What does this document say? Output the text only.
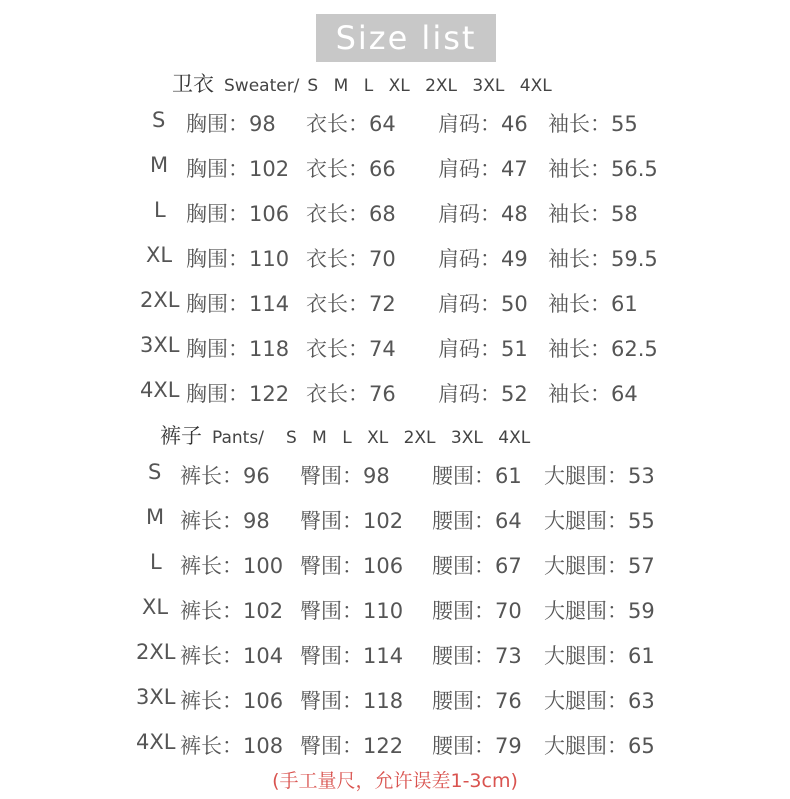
Size list
卫衣 Sweater/ S M L XL 2XL 3XL 4XL
S 胸围：98 衣长：64 肩码：46 袖长：55
M 胸围：102 衣长：66 肩码：47 袖长：56.5
L 胸围：106 衣长：68 肩码：48 袖长：58
XL 胸围：110 衣长：70 肩码：49 袖长：59.5
2XL 胸围：114 衣长：72 肩码：50 袖长：61
3XL 胸围：118 衣长：74 肩码：51 袖长：62.5
4XL 胸围：122 衣长：76 肩码：52 袖长：64
裤子 Pants/ S M L XL 2XL 3XL 4XL
S 裤长：96 臀围：98 腰围：61 大腿围：53
M 裤长：98 臀围：102 腰围：64 大腿围：55
L 裤长：100 臀围：106 腰围：67 大腿围：57
XL 裤长：102 臀围：110 腰围：70 大腿围：59
2XL 裤长：104 臀围：114 腰围：73 大腿围：61
3XL 裤长：106 臀围：118 腰围：76 大腿围：63
4XL 裤长：108 臀围：122 腰围：79 大腿围：65
(手工量尺，允许误差1-3cm)
